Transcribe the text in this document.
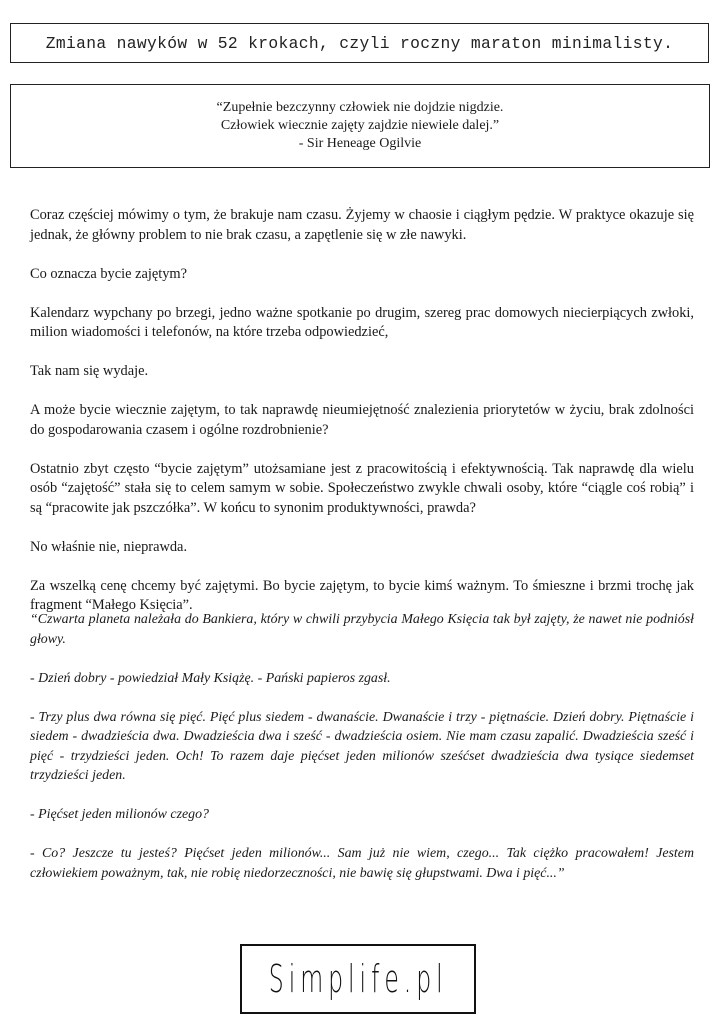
Zmiana nawyków w 52 krokach, czyli roczny maraton minimalisty.
“Zupełnie bezczynny człowiek nie dojdzie nigdzie.
Człowiek wiecznie zajęty zajdzie niewiele dalej.”
- Sir Heneage Ogilvie

Coraz częściej mówimy o tym, że brakuje nam czasu. Żyjemy w chaosie i ciągłym pędzie. W praktyce okazuje się jednak, że główny problem to nie brak czasu, a zapętlenie się w złe nawyki.

Co oznacza bycie zajętym?

Kalendarz wypchany po brzegi, jedno ważne spotkanie po drugim, szereg prac domowych niecierpiących zwłoki, milion wiadomości i telefonów, na które trzeba odpowiedzieć,

Tak nam się wydaje.

A może bycie wiecznie zajętym, to tak naprawdę nieumiejętność znalezienia priorytetów w życiu, brak zdolności do gospodarowania czasem i ogólne rozdrobnienie?

Ostatnio zbyt często “bycie zajętym” utożsamiane jest z pracowitością i efektywnością. Tak naprawdę dla wielu osób “zajętość” stała się to celem samym w sobie. Społeczeństwo zwykle chwali osoby, które “ciągle coś robią” i są “pracowite jak pszczółka”. W końcu to synonim produktywności, prawda?

No właśnie nie, nieprawda.

Za wszelką cenę chcemy być zajętymi. Bo bycie zajętym, to bycie kimś ważnym. To śmieszne i brzmi trochę jak fragment “Małego Księcia”.

“Czwarta planeta należała do Bankiera, który w chwili przybycia Małego Księcia tak był zajęty, że nawet nie podniósł głowy.

- Dzień dobry - powiedział Mały Książę. - Pański papieros zgasł.

- Trzy plus dwa równa się pięć. Pięć plus siedem - dwanaście. Dwanaście i trzy - piętnaście. Dzień dobry. Piętnaście i siedem - dwadzieścia dwa. Dwadzieścia dwa i sześć - dwadzieścia osiem. Nie mam czasu zapalić. Dwadzieścia sześć i pięć - trzydzieści jeden. Och! To razem daje pięćset jeden milionów sześćset dwadzieścia dwa tysiące siedemset trzydzieści jeden.

- Pięćset jeden milionów czego?

- Co? Jeszcze tu jesteś? Pięćset jeden milionów... Sam już nie wiem, czego... Tak ciężko pracowałem! Jestem człowiekiem poważnym, tak, nie robię niedorzeczności, nie bawię się głupstwami. Dwa i pięć...”

Simplife.pl
